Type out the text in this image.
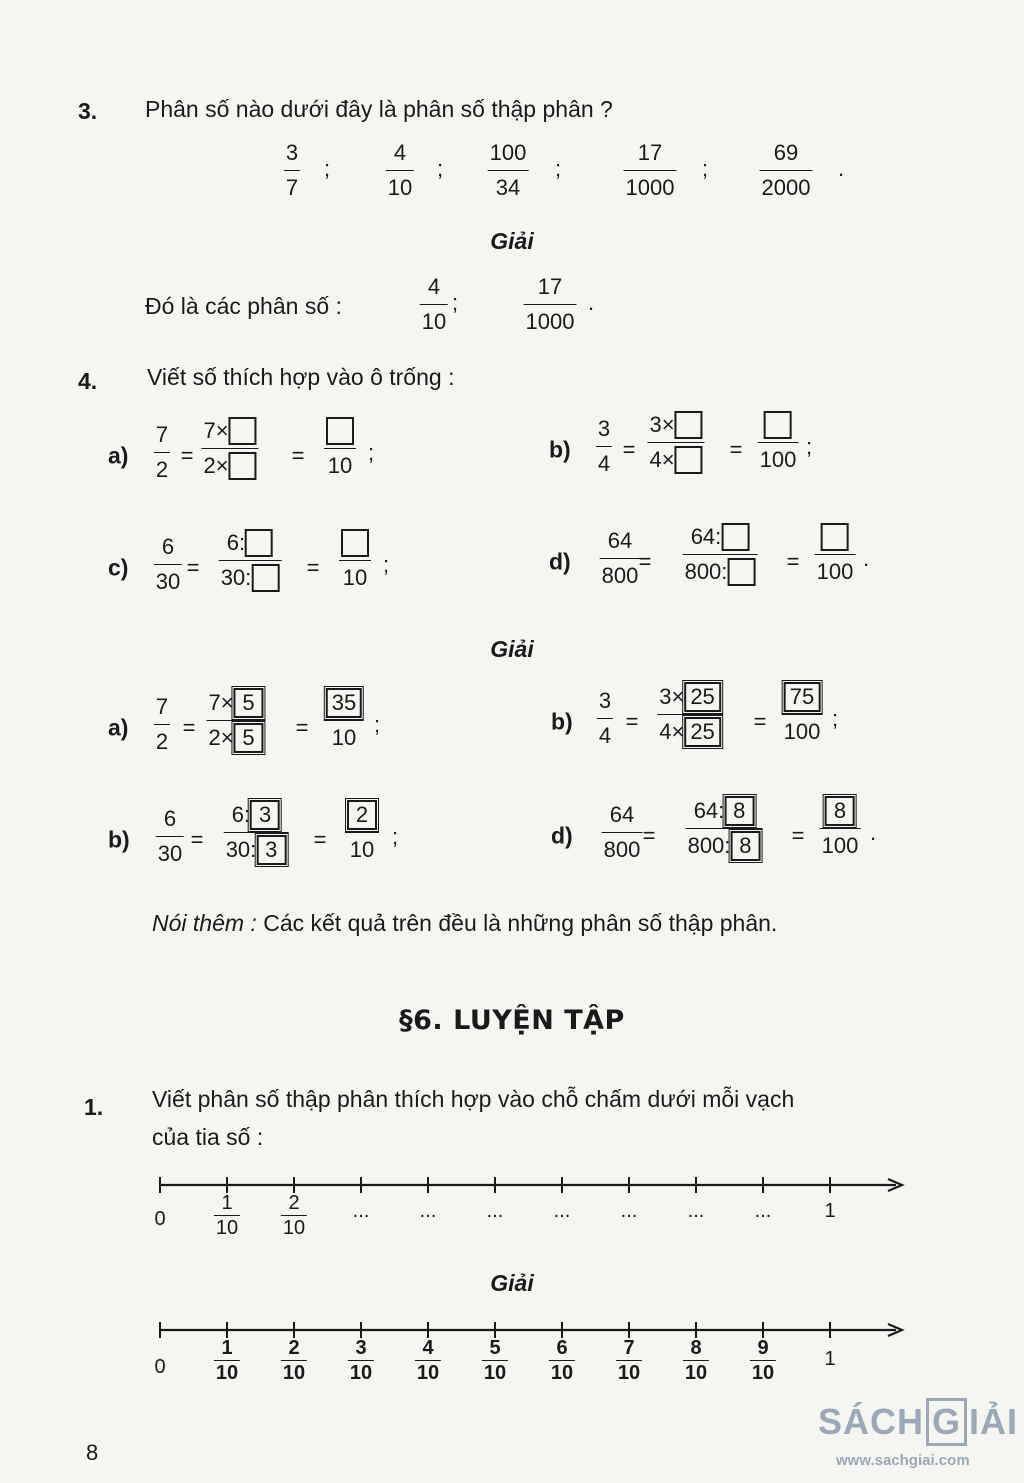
3. Phân số nào dưới đây là phân số thập phân ?
3
7
;
4
10
;
100
34
;
17
1000
;
69
2000
.
Giải
Đó là các phân số :
4
10
;
17
1000
.
4. Viết số thích hợp vào ô trống :
a)
7
2
=
7 ×
2 ×	= 10
;	b)
3
4
=
3 ×
4 ×	= 100
;
c)
6
30
=
6 :
30 :	= 10
;	d)
64
800
=
64 :
800 :	= 100
.
Giải
a)
7
2
=
7 × 5
2 × 5	=
35
10
;	b)
3
4
=
3 × 25
4 × 25 =
75
100
;
b)
6
30
=
6 : 3
30 : 3	=
2
10
;	d)
64
800
=
64 : 8
800 : 8	=
8
100
.
Nói thêm : Các kết quả trên đều là những phân số thập phân.
§6. LUYỆN TẬP
1. Viết phân số thập phân thích hợp vào chỗ chấm dưới mỗi vạch
của tia số :
0
1
10
2
10
...	...	...	...	...	...	...	1
0
1
10
2
10
3
10
4
10
5
10
6
10
7
10
8
10
9
10
1
Giải
8
SÁCH G IẢI
www.sachgiai.com
